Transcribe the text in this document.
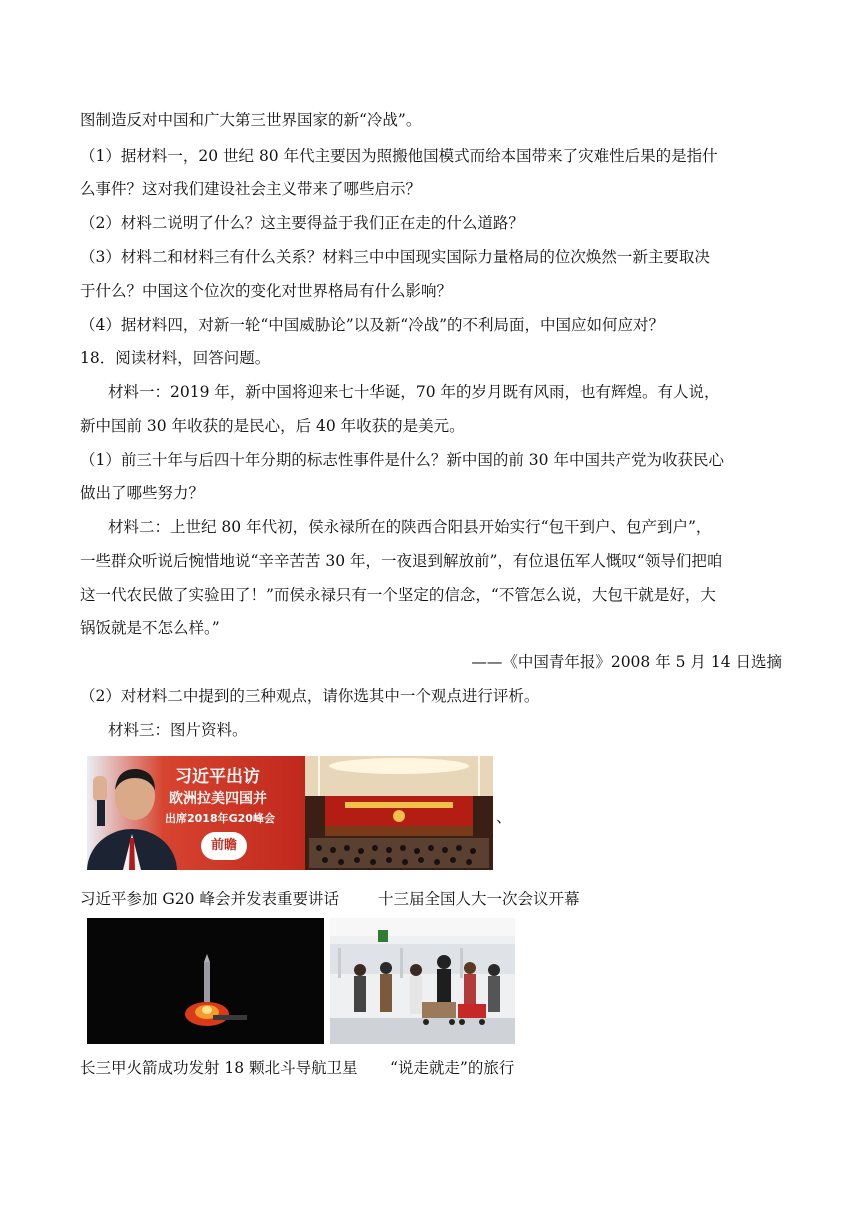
图制造反对中国和广大第三世界国家的新“冷战”。
（1）据材料一，20 世纪 80 年代主要因为照搬他国模式而给本国带来了灾难性后果的是指什
么事件？这对我们建设社会主义带来了哪些启示？
（2）材料二说明了什么？这主要得益于我们正在走的什么道路？
（3）材料二和材料三有什么关系？材料三中中国现实国际力量格局的位次焕然一新主要取决
于什么？中国这个位次的变化对世界格局有什么影响？
（4）据材料四，对新一轮“中国威胁论”以及新“冷战”的不利局面，中国应如何应对？
18．阅读材料，回答问题。
材料一：2019 年，新中国将迎来七十华诞，70 年的岁月既有风雨，也有辉煌。有人说，
新中国前 30 年收获的是民心，后 40 年收获的是美元。
（1）前三十年与后四十年分期的标志性事件是什么？新中国的前 30 年中国共产党为收获民心
做出了哪些努力？
材料二：上世纪 80 年代初，侯永禄所在的陕西合阳县开始实行“包干到户、包产到户”，
一些群众听说后惋惜地说“辛辛苦苦 30 年，一夜退到解放前”，有位退伍军人慨叹“领导们把咱
这一代农民做了实验田了！”而侯永禄只有一个坚定的信念，“不管怎么说，大包干就是好，大
锅饭就是不怎么样。”
——《中国青年报》2008 年 5 月 14 日选摘
（2）对材料二中提到的三种观点，请你选其中一个观点进行评析。
材料三：图片资料。
习近平出访
欧洲拉美四国并
出席2018年G20峰会
前瞻
、
习近平参加 G20 峰会并发表重要讲话	十三届全国人大一次会议开幕
长三甲火箭成功发射 18 颗北斗导航卫星 “说走就走”的旅行
